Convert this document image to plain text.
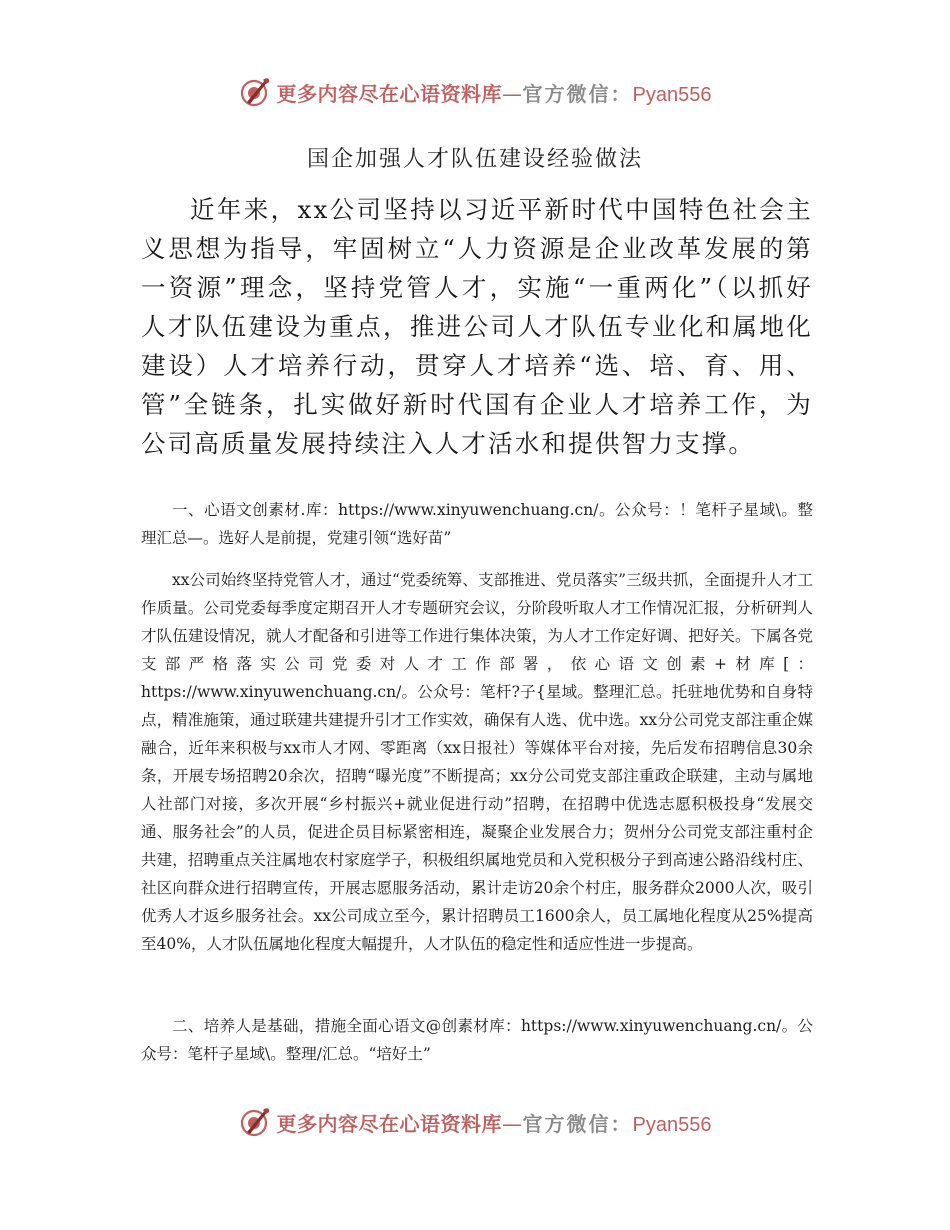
更多内容尽在心语资料库—官方微信：Pyan556
国企加强人才队伍建设经验做法

近年来，xx公司坚持以习近平新时代中国特色社会主义思想为指导，牢固树立“人力资源是企业改革发展的第一资源”理念，坚持党管人才，实施“一重两化”（以抓好人才队伍建设为重点，推进公司人才队伍专业化和属地化建设）人才培养行动，贯穿人才培养“选、培、育、用、管”全链条，扎实做好新时代国有企业人才培养工作，为公司高质量发展持续注入人才活水和提供智力支撑。

一、心语文创素材.库：https://www.xinyuwenchuang.cn/。公众号：！笔杆子星域\。整理汇总—。选好人是前提，党建引领“选好苗”

xx公司始终坚持党管人才，通过“党委统筹、支部推进、党员落实”三级共抓，全面提升人才工作质量。公司党委每季度定期召开人才专题研究会议，分阶段听取人才工作情况汇报，分析研判人才队伍建设情况，就人才配备和引进等工作进行集体决策，为人才工作定好调、把好关。下属各党支部严格落实公司党委对人才工作部署，依心语文创素+材库[：https://www.xinyuwenchuang.cn/。公众号：笔杆?子{星域。整理汇总。托驻地优势和自身特点，精准施策，通过联建共建提升引才工作实效，确保有人选、优中选。xx分公司党支部注重企媒融合，近年来积极与xx市人才网、零距离（xx日报社）等媒体平台对接，先后发布招聘信息30余条，开展专场招聘20余次，招聘“曝光度”不断提高；xx分公司党支部注重政企联建，主动与属地人社部门对接，多次开展“乡村振兴+就业促进行动”招聘，在招聘中优选志愿积极投身“发展交通、服务社会”的人员，促进企员目标紧密相连，凝聚企业发展合力；贺州分公司党支部注重村企共建，招聘重点关注属地农村家庭学子，积极组织属地党员和入党积极分子到高速公路沿线村庄、社区向群众进行招聘宣传，开展志愿服务活动，累计走访20余个村庄，服务群众2000人次，吸引优秀人才返乡服务社会。xx公司成立至今，累计招聘员工1600余人，员工属地化程度从25%提高至40%，人才队伍属地化程度大幅提升，人才队伍的稳定性和适应性进一步提高。

二、培养人是基础，措施全面心语文@创素材库：https://www.xinyuwenchuang.cn/。公众号：笔杆子星域\。整理/汇总。“培好土”

更多内容尽在心语资料库—官方微信：Pyan556
